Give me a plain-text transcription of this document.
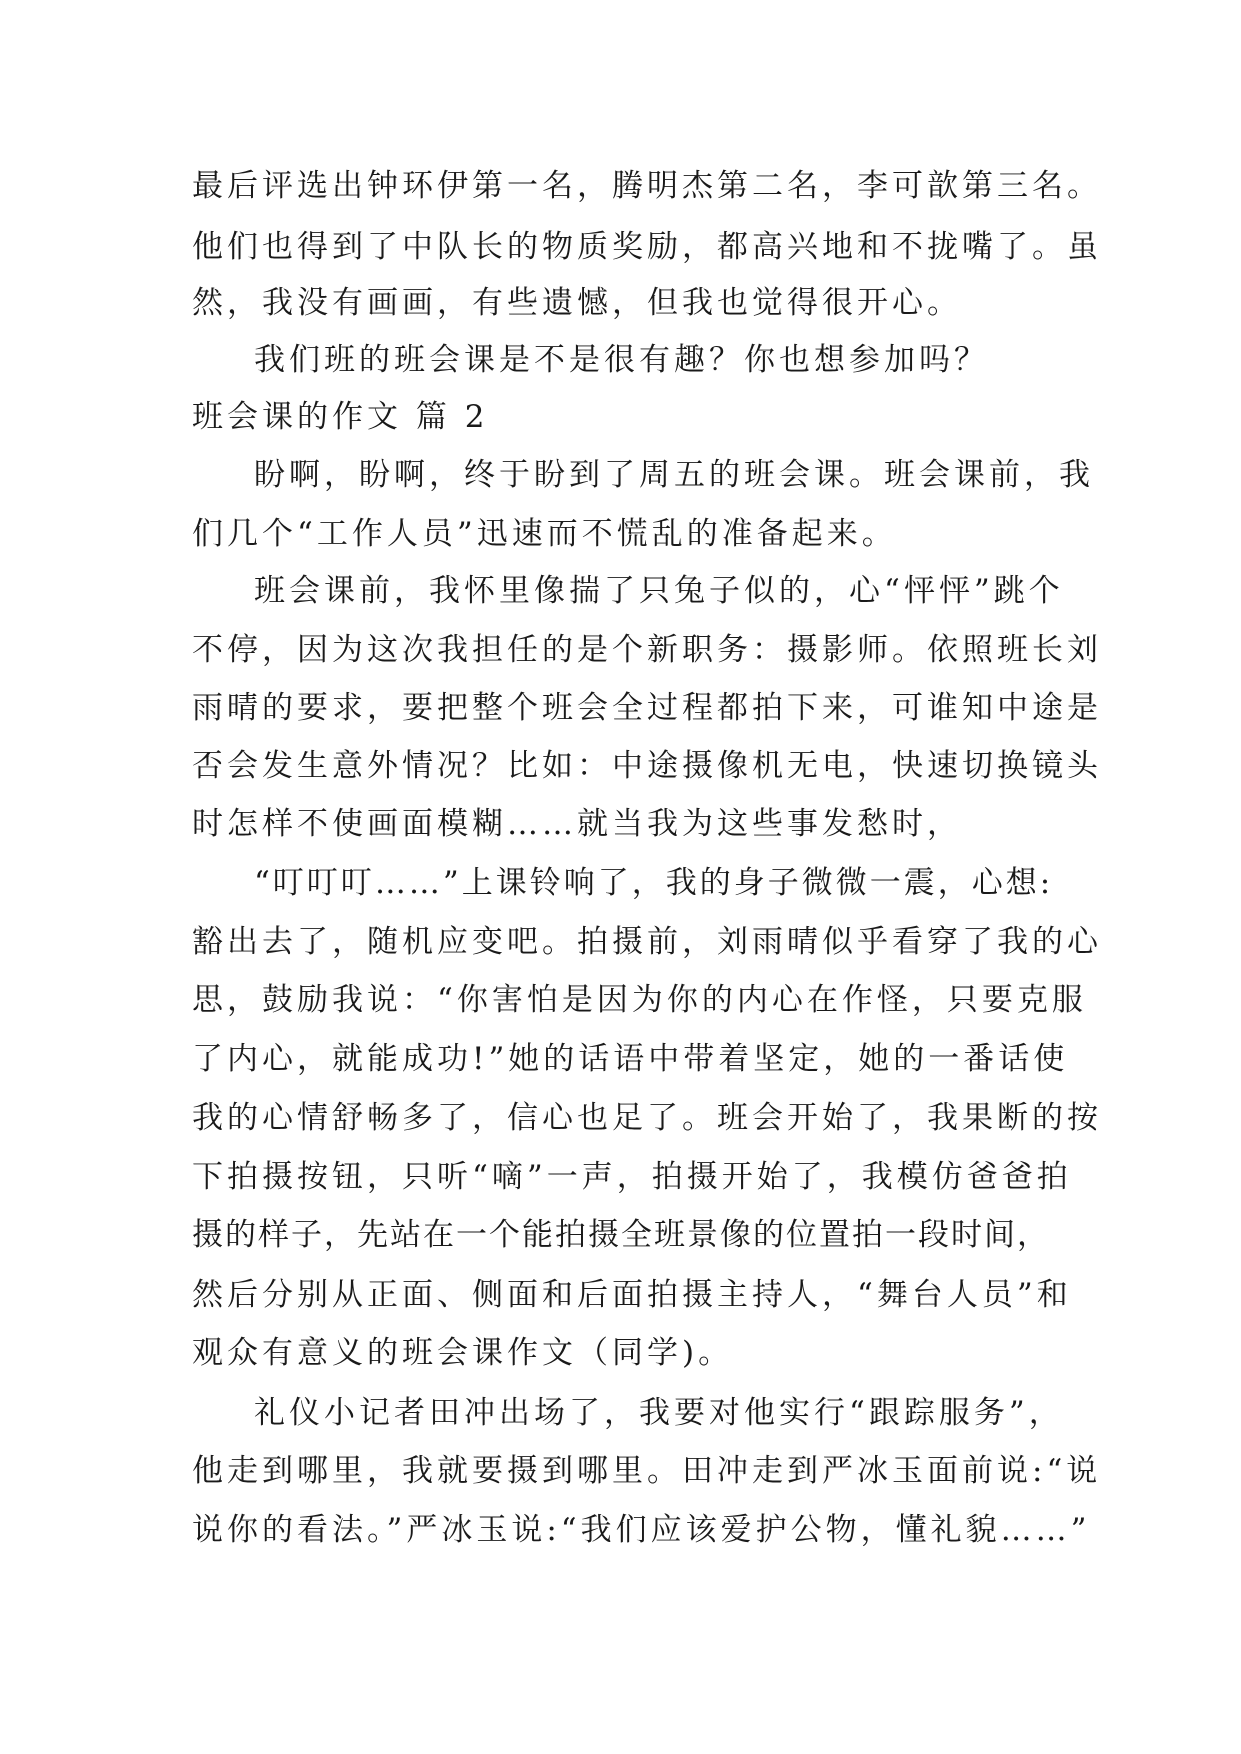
最后评选出钟环伊第一名，腾明杰第二名，李可歆第三名。
他们也得到了中队长的物质奖励，都高兴地和不拢嘴了。虽
然，我没有画画，有些遗憾，但我也觉得很开心。
我们班的班会课是不是很有趣？你也想参加吗？
班会课的作文 篇 2
盼啊，盼啊，终于盼到了周五的班会课。班会课前，我
们几个“工作人员”迅速而不慌乱的准备起来。
班会课前，我怀里像揣了只兔子似的，心“怦怦”跳个
不停，因为这次我担任的是个新职务：摄影师。依照班长刘
雨晴的要求，要把整个班会全过程都拍下来，可谁知中途是
否会发生意外情况？比如：中途摄像机无电，快速切换镜头
时怎样不使画面模糊……就当我为这些事发愁时，
“叮叮叮……”上课铃响了，我的身子微微一震，心想:
豁出去了，随机应变吧。拍摄前，刘雨晴似乎看穿了我的心
思，鼓励我说：“你害怕是因为你的内心在作怪，只要克服
了内心，就能成功!”她的话语中带着坚定，她的一番话使
我的心情舒畅多了，信心也足了。班会开始了，我果断的按
下拍摄按钮，只听“嘀”一声，拍摄开始了，我模仿爸爸拍
摄的样子，先站在一个能拍摄全班景像的位置拍一段时间，
然后分别从正面、侧面和后面拍摄主持人，“舞台人员”和
观众有意义的班会课作文（同学)。
礼仪小记者田冲出场了，我要对他实行“跟踪服务”，
他走到哪里，我就要摄到哪里。田冲走到严冰玉面前说:“说
说你的看法。”严冰玉说:“我们应该爱护公物，懂礼貌……”
